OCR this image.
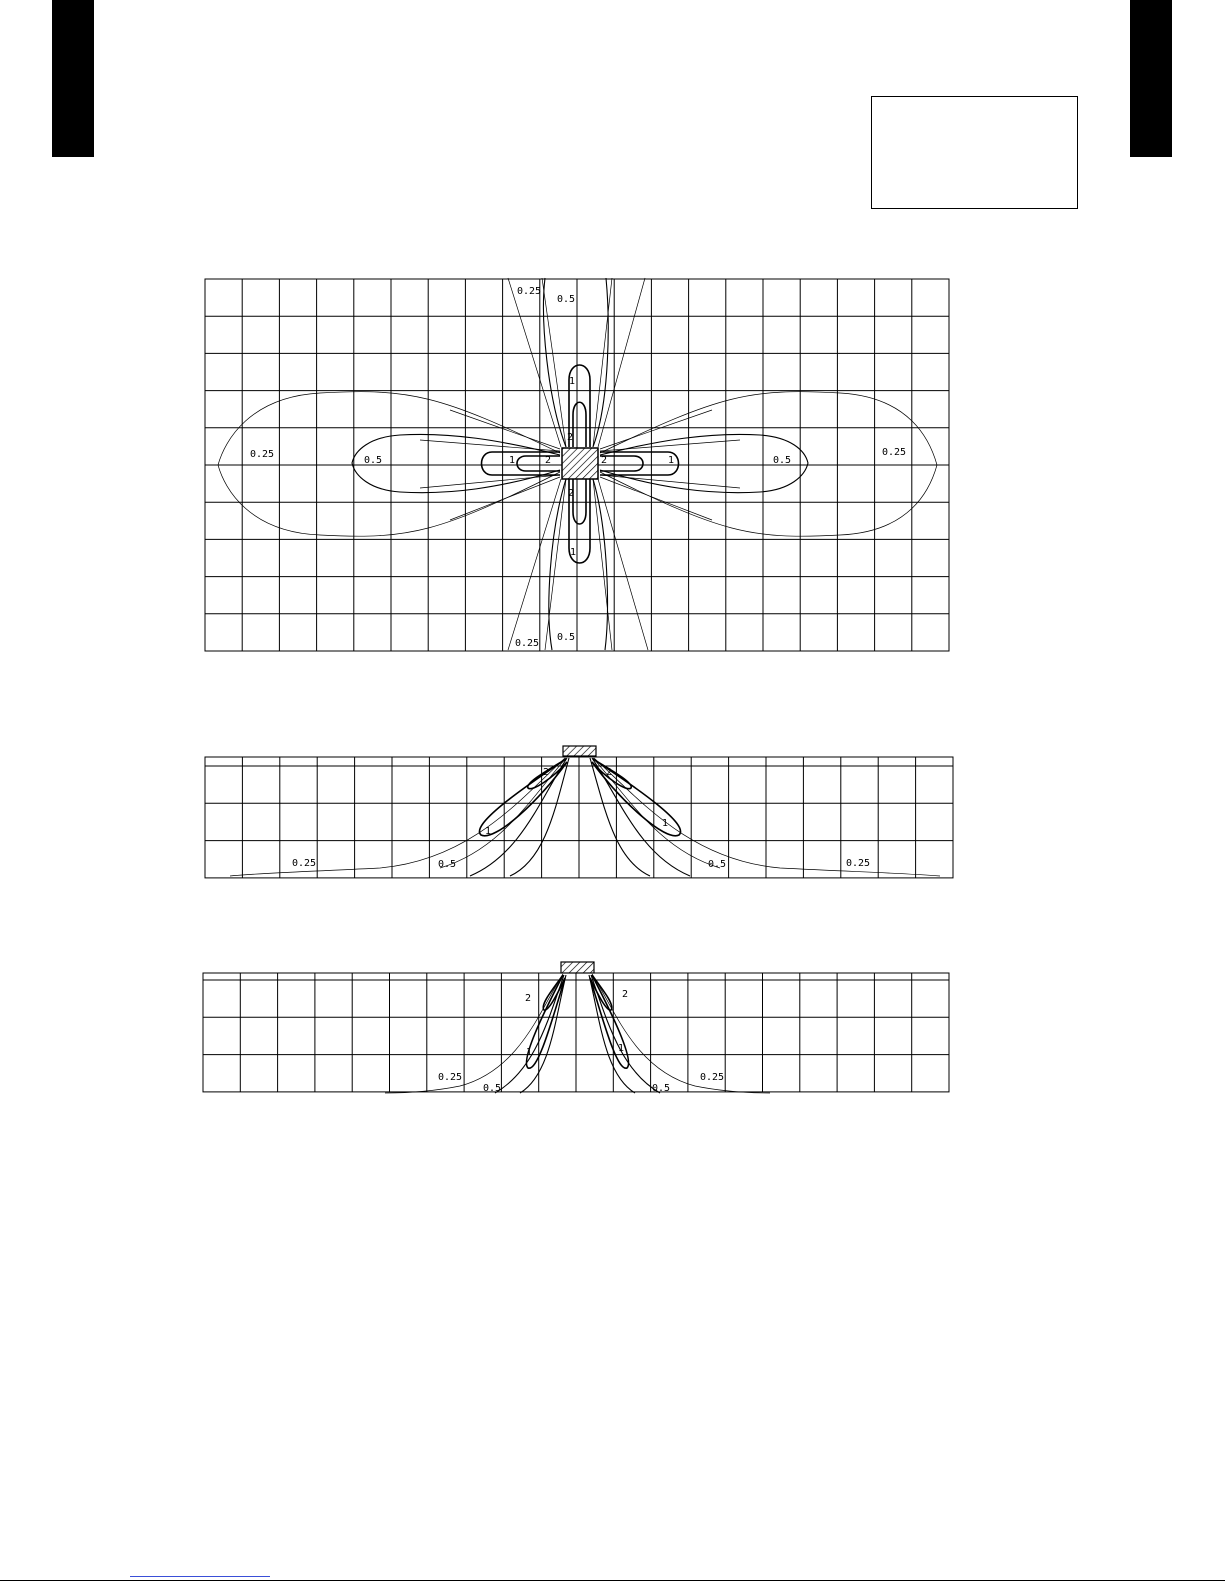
0.25
0.5
1
2
0.25
0.5	1	2	2	1	0.5
0.25
2
1
0.5
0.25
2	2
1
1
0.25	0.5	0.5	0.25
2	2
1	1
0.25
0.5	0.5
0.25
